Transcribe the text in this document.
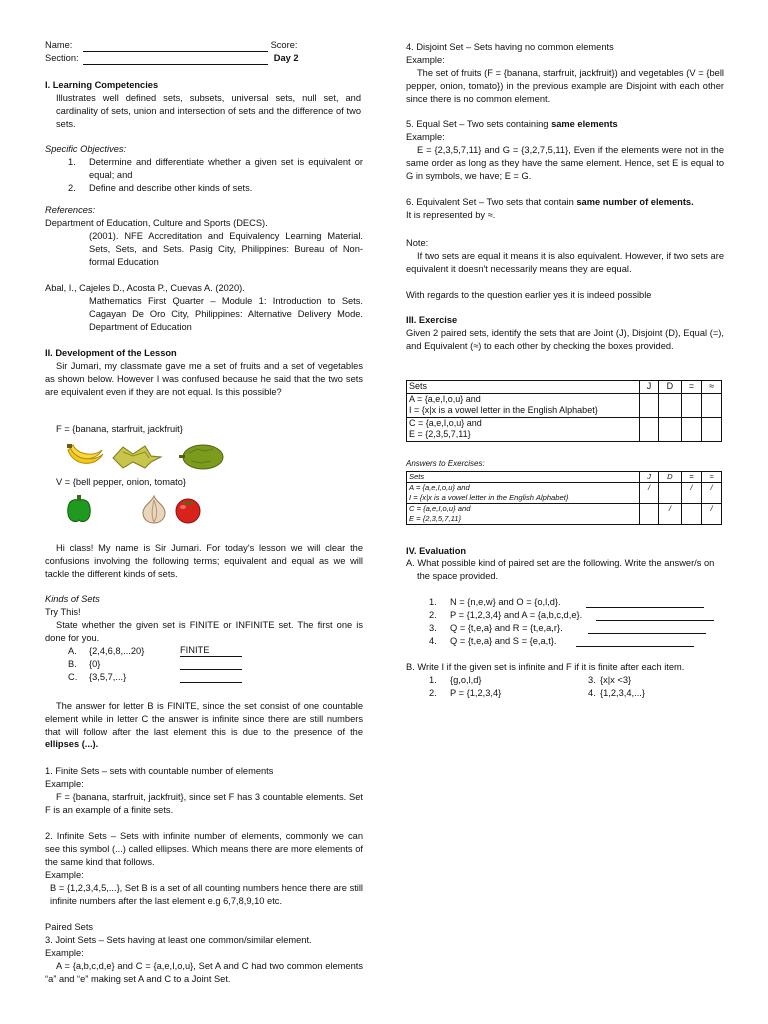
Name:	Score:
Section:	Day 2

I. Learning Competencies

Illustrates well defined sets, subsets, universal sets, null set, and cardinality of sets, union and intersection of sets and the difference of two sets.

Specific Objectives:

1. Determine and differentiate whether a given set is equivalent or equal; and

2. Define and describe other kinds of sets.

References:

Department of Education, Culture and Sports (DECS).

(2001). NFE Accreditation and Equivalency Learning Material. Sets, Sets, and Sets. Pasig City, Philippines: Bureau of Non-formal Education

Abal, I., Cajeles D., Acosta P., Cuevas A. (2020).

Mathematics First Quarter – Module 1: Introduction to Sets. Cagayan De Oro City, Philippines: Alternative Delivery Mode. Department of Education

II. Development of the Lesson

Sir Jumari, my classmate gave me a set of fruits and a set of vegetables as shown below. However I was confused because he said that the two sets are equivalent even if they are not equal. Is this possible?

F = {banana, starfruit, jackfruit}

V = {bell pepper, onion, tomato}

Hi class! My name is Sir Jumari. For today's lesson we will clear the confusions involving the following terms; equivalent and equal as we will tackle the different kinds of sets.

Kinds of Sets

Try This!

State whether the given set is FINITE or INFINITE set. The first one is done for you.

A. {2,4,6,8,...20}	FINITE
B. {0}
C. {3,5,7,...}

The answer for letter B is FINITE, since the set consist of one countable element while in letter C the answer is infinite since there are still numbers that will follow after the last element this is due to the presence of the ellipses (...).

1. Finite Sets – sets with countable number of elements

Example:

F = {banana, starfruit, jackfruit}, since set F has 3 countable elements. Set F is an example of a finite sets.

2. Infinite Sets – Sets with infinite number of elements, commonly we can see this symbol (...) called ellipses. Which means there are more elements of the same kind that follows.

Example:

B = {1,2,3,4,5,...}, Set B is a set of all counting numbers hence there are still infinite numbers after the last element e.g 6,7,8,9,10 etc.

Paired Sets

3. Joint Sets – Sets having at least one common/similar element.

Example:

A = {a,b,c,d,e} and C = {a,e,I,o,u}, Set A and C had two common elements “a” and “e” making set A and C to a Joint Set.

4. Disjoint Set – Sets having no common elements

Example:

The set of fruits (F = {banana, starfruit, jackfruit}) and vegetables (V = {bell pepper, onion, tomato}) in the previous example are Disjoint with each other since there is no common element.

5. Equal Set – Two sets containing same elements

Example:

E = {2,3,5,7,11} and G = {3,2,7,5,11}, Even if the elements were not in the same order as long as they have the same element. Hence, set E is equal to G in symbols, we have; E = G.

6. Equivalent Set – Two sets that contain same number of elements.

It is represented by ≈.

Note:

If two sets are equal it means it is also equivalent. However, if two sets are equivalent it doesn't necessarily means they are equal.

With regards to the question earlier yes it is indeed possible

III. Exercise

Given 2 paired sets, identify the sets that are Joint (J), Disjoint (D), Equal (=), and Equivalent (≈) to each other by checking the boxes provided.

Sets	J	D	=	≈
A = {a,e,I,o,u} and
I = {x|x is a vowel letter in the English Alphabet}				
C = {a,e,I,o,u} and
E = {2,3,5,7,11}				

Answers to Exercises:

Sets	J	D	=	≈
A = {a,e,I,o,u} and
I = {x|x is a vowel letter in the English Alphabet}	/		/	/
C = {a,e,I,o,u} and
E = {2,3,5,7,11}		/		/

IV. Evaluation

A. What possible kind of paired set are the following. Write the answer/s on the space provided.

1. N = {n,e,w} and O = {o,l,d}.
2. P = {1,2,3,4} and A = {a,b,c,d,e}.
3. Q = {t,e,a} and R = {t,e,a,r}.
4. Q = {t,e,a} and S = {e,a,t}.

B. Write I if the given set is infinite and F if it is finite after each item.

1. {g,o,l,d}	3. {x|x <3}
2. P = {1,2,3,4}	4. {1,2,3,4,...}
